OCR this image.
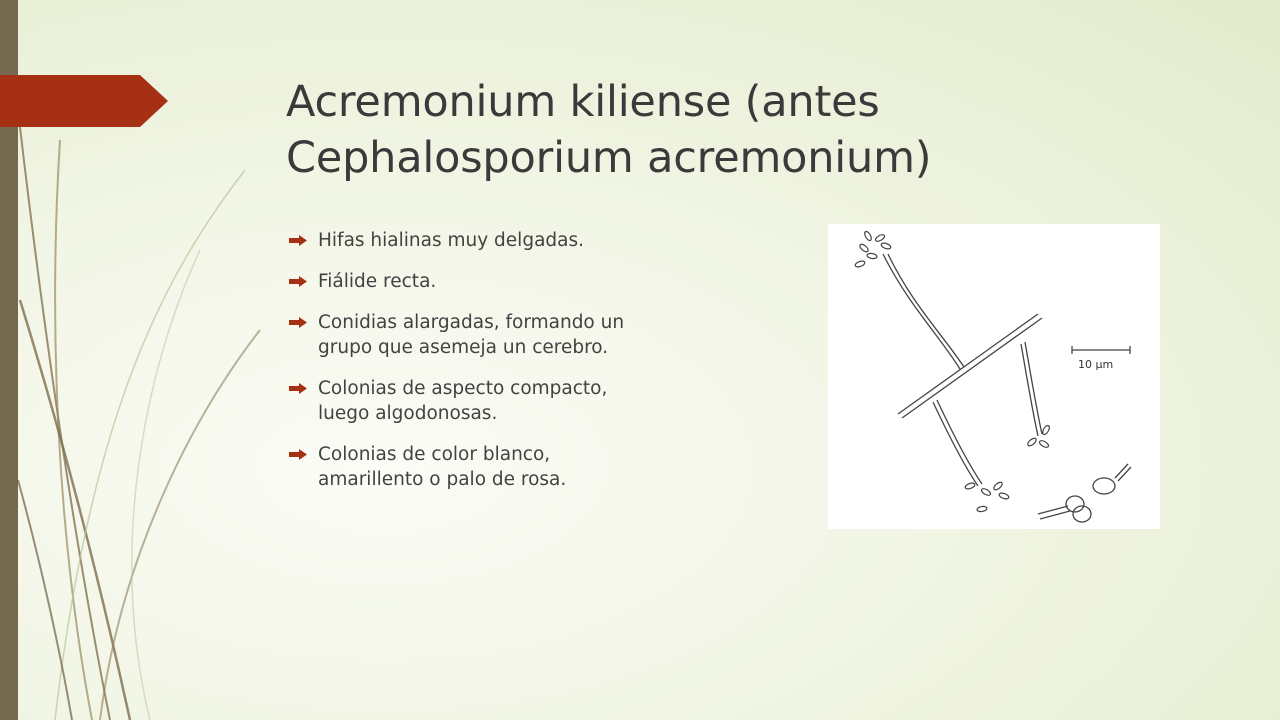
Acremonium kiliense (antes
Cephalosporium acremonium)
Hifas hialinas muy delgadas.
Fiálide recta.
Conidias alargadas, formando un
grupo que asemeja un cerebro.
Colonias de aspecto compacto,
luego algodonosas.
Colonias de color blanco,
amarillento o palo de rosa.
10 µm
